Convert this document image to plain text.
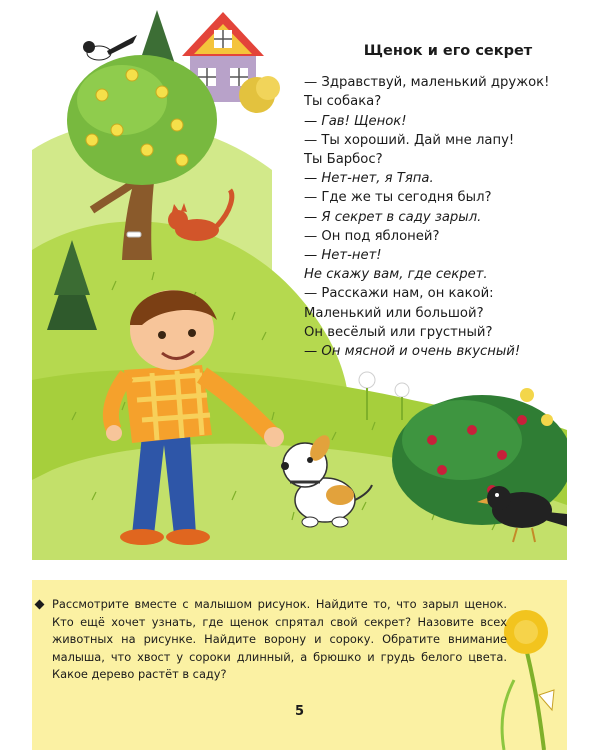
Щенок и его секрет
— Здравствуй, маленький дружок!
Ты собака?
— Гав! Щенок!
— Ты хороший. Дай мне лапу!
Ты Барбос?
— Нет-нет, я Тяпа.
— Где же ты сегодня был?
— Я секрет в саду зарыл.
— Он под яблоней?
— Нет-нет!
Не скажу вам, где секрет.
— Расскажи нам, он какой:
Маленький или большой?
Он весёлый или грустный?
— Он мясной и очень вкусный!
Рассмотрите вместе с малышом рисунок. Найдите то, что зарыл щенок. Кто ещё хочет узнать, где щенок спрятал свой секрет? Назовите всех животных на рисунке. Найдите ворону и сороку. Обратите внимание малыша, что хвост у сороки длинный, а брюшко и грудь белого цвета. Какое дерево растёт в саду?
5
